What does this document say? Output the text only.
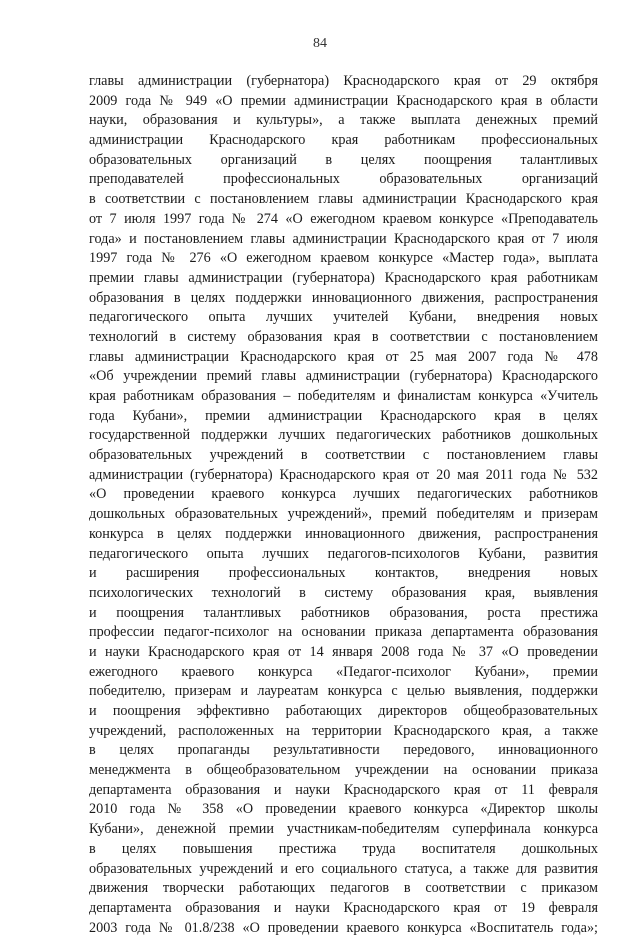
84
главы администрации (губернатора) Краснодарского края от 29 октября
2009 года № 949 «О премии администрации Краснодарского края в области
науки, образования и культуры», а также выплата денежных премий
администрации Краснодарского края работникам профессиональных
образовательных организаций в целях поощрения талантливых
преподавателей профессиональных образовательных организаций
в соответствии с постановлением главы администрации Краснодарского края
от 7 июля 1997 года № 274 «О ежегодном краевом конкурсе «Преподаватель
года» и постановлением главы администрации Краснодарского края от 7 июля
1997 года № 276 «О ежегодном краевом конкурсе «Мастер года», выплата
премии главы администрации (губернатора) Краснодарского края работникам
образования в целях поддержки инновационного движения, распространения
педагогического опыта лучших учителей Кубани, внедрения новых
технологий в систему образования края в соответствии с постановлением
главы администрации Краснодарского края от 25 мая 2007 года № 478
«Об учреждении премий главы администрации (губернатора) Краснодарского
края работникам образования – победителям и финалистам конкурса «Учитель
года Кубани», премии администрации Краснодарского края в целях
государственной поддержки лучших педагогических работников дошкольных
образовательных учреждений в соответствии с постановлением главы
администрации (губернатора) Краснодарского края от 20 мая 2011 года № 532
«О проведении краевого конкурса лучших педагогических работников
дошкольных образовательных учреждений», премий победителям и призерам
конкурса в целях поддержки инновационного движения, распространения
педагогического опыта лучших педагогов-психологов Кубани, развития
и расширения профессиональных контактов, внедрения новых
психологических технологий в систему образования края, выявления
и поощрения талантливых работников образования, роста престижа
профессии педагог-психолог на основании приказа департамента образования
и науки Краснодарского края от 14 января 2008 года № 37 «О проведении
ежегодного краевого конкурса «Педагог-психолог Кубани», премии
победителю, призерам и лауреатам конкурса с целью выявления, поддержки
и поощрения эффективно работающих директоров общеобразовательных
учреждений, расположенных на территории Краснодарского края, а также
в целях пропаганды результативности передового, инновационного
менеджмента в общеобразовательном учреждении на основании приказа
департамента образования и науки Краснодарского края от 11 февраля
2010 года № 358 «О проведении краевого конкурса «Директор школы
Кубани», денежной премии участникам-победителям суперфинала конкурса
в целях повышения престижа труда воспитателя дошкольных
образовательных учреждений и его социального статуса, а также для развития
движения творчески работающих педагогов в соответствии с приказом
департамента образования и науки Краснодарского края от 19 февраля
2003 года № 01.8/238 «О проведении краевого конкурса «Воспитатель года»;
